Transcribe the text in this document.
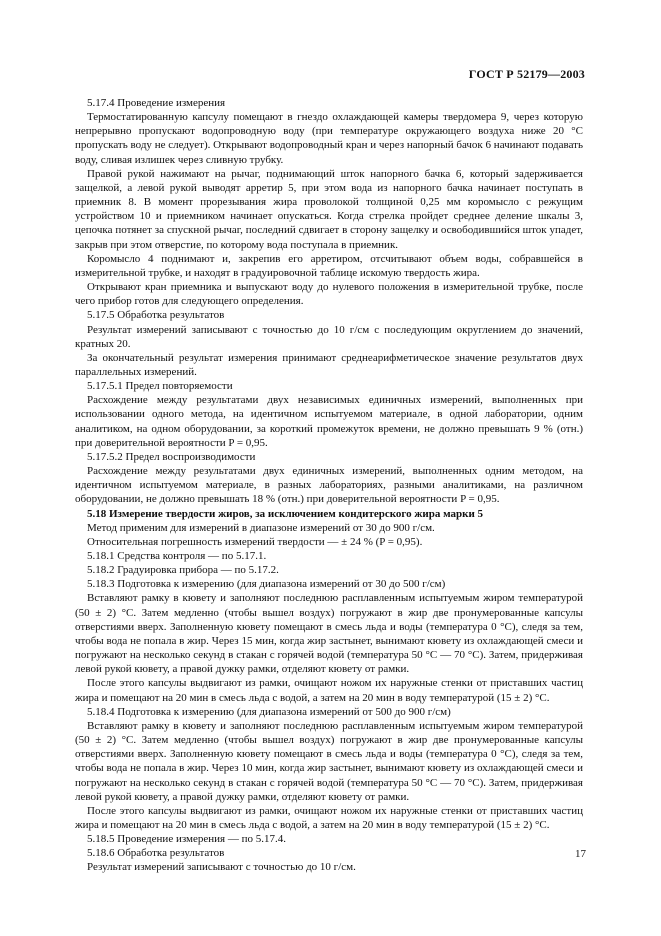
ГОСТ Р 52179—2003

5.17.4 Проведение измерения

Термостатированную капсулу помещают в гнездо охлаждающей камеры твердомера 9, через которую непрерывно пропускают водопроводную воду (при температуре окружающего воздуха ниже 20 °С пропускать воду не следует). Открывают водопроводный кран и через напорный бачок 6 начинают подавать воду, сливая излишек через сливную трубку.

Правой рукой нажимают на рычаг, поднимающий шток напорного бачка 6, который задерживается защелкой, а левой рукой выводят арретир 5, при этом вода из напорного бачка начинает поступать в приемник 8. В момент прорезывания жира проволокой толщиной 0,25 мм коромысло с режущим устройством 10 и приемником начинает опускаться. Когда стрелка пройдет среднее деление шкалы 3, цепочка потянет за спускной рычаг, последний сдвигает в сторону защелку и освободившийся шток упадет, закрыв при этом отверстие, по которому вода поступала в приемник.

Коромысло 4 поднимают и, закрепив его арретиром, отсчитывают объем воды, собравшейся в измерительной трубке, и находят в градуировочной таблице искомую твердость жира.

Открывают кран приемника и выпускают воду до нулевого положения в измерительной трубке, после чего прибор готов для следующего определения.

5.17.5 Обработка результатов

Результат измерений записывают с точностью до 10 г/см с последующим округлением до значений, кратных 20.

За окончательный результат измерения принимают среднеарифметическое значение результатов двух параллельных измерений.

5.17.5.1 Предел повторяемости

Расхождение между результатами двух независимых единичных измерений, выполненных при использовании одного метода, на идентичном испытуемом материале, в одной лаборатории, одним аналитиком, на одном оборудовании, за короткий промежуток времени, не должно превышать 9 % (отн.) при доверительной вероятности P = 0,95.

5.17.5.2 Предел воспроизводимости

Расхождение между результатами двух единичных измерений, выполненных одним методом, на идентичном испытуемом материале, в разных лабораториях, разными аналитиками, на различном оборудовании, не должно превышать 18 % (отн.) при доверительной вероятности P = 0,95.

5.18 Измерение твердости жиров, за исключением кондитерского жира марки 5

Метод применим для измерений в диапазоне измерений от 30 до 900 г/см.

Относительная погрешность измерений твердости — ± 24 % (P = 0,95).

5.18.1 Средства контроля — по 5.17.1.

5.18.2 Градуировка прибора — по 5.17.2.

5.18.3 Подготовка к измерению (для диапазона измерений от 30 до 500 г/см)

Вставляют рамку в кювету и заполняют последнюю расплавленным испытуемым жиром температурой (50 ± 2) °С. Затем медленно (чтобы вышел воздух) погружают в жир две пронумерованные капсулы отверстиями вверх. Заполненную кювету помещают в смесь льда и воды (температура 0 °С), следя за тем, чтобы вода не попала в жир. Через 15 мин, когда жир застынет, вынимают кювету из охлаждающей смеси и погружают на несколько секунд в стакан с горячей водой (температура 50 °С — 70 °С). Затем, придерживая левой рукой кювету, а правой дужку рамки, отделяют кювету от рамки.

После этого капсулы выдвигают из рамки, очищают ножом их наружные стенки от приставших частиц жира и помещают на 20 мин в смесь льда с водой, а затем на 20 мин в воду температурой (15 ± 2) °С.

5.18.4 Подготовка к измерению (для диапазона измерений от 500 до 900 г/см)

Вставляют рамку в кювету и заполняют последнюю расплавленным испытуемым жиром температурой (50 ± 2) °С. Затем медленно (чтобы вышел воздух) погружают в жир две пронумерованные капсулы отверстиями вверх. Заполненную кювету помещают в смесь льда и воды (температура 0 °С), следя за тем, чтобы вода не попала в жир. Через 10 мин, когда жир застынет, вынимают кювету из охлаждающей смеси и погружают на несколько секунд в стакан с горячей водой (температура 50 °С — 70 °С). Затем, придерживая левой рукой кювету, а правой дужку рамки, отделяют кювету от рамки.

После этого капсулы выдвигают из рамки, очищают ножом их наружные стенки от приставших частиц жира и помещают на 20 мин в смесь льда с водой, а затем на 20 мин в воду температурой (15 ± 2) °С.

5.18.5 Проведение измерения — по 5.17.4.

5.18.6 Обработка результатов

Результат измерений записывают с точностью до 10 г/см.

17
